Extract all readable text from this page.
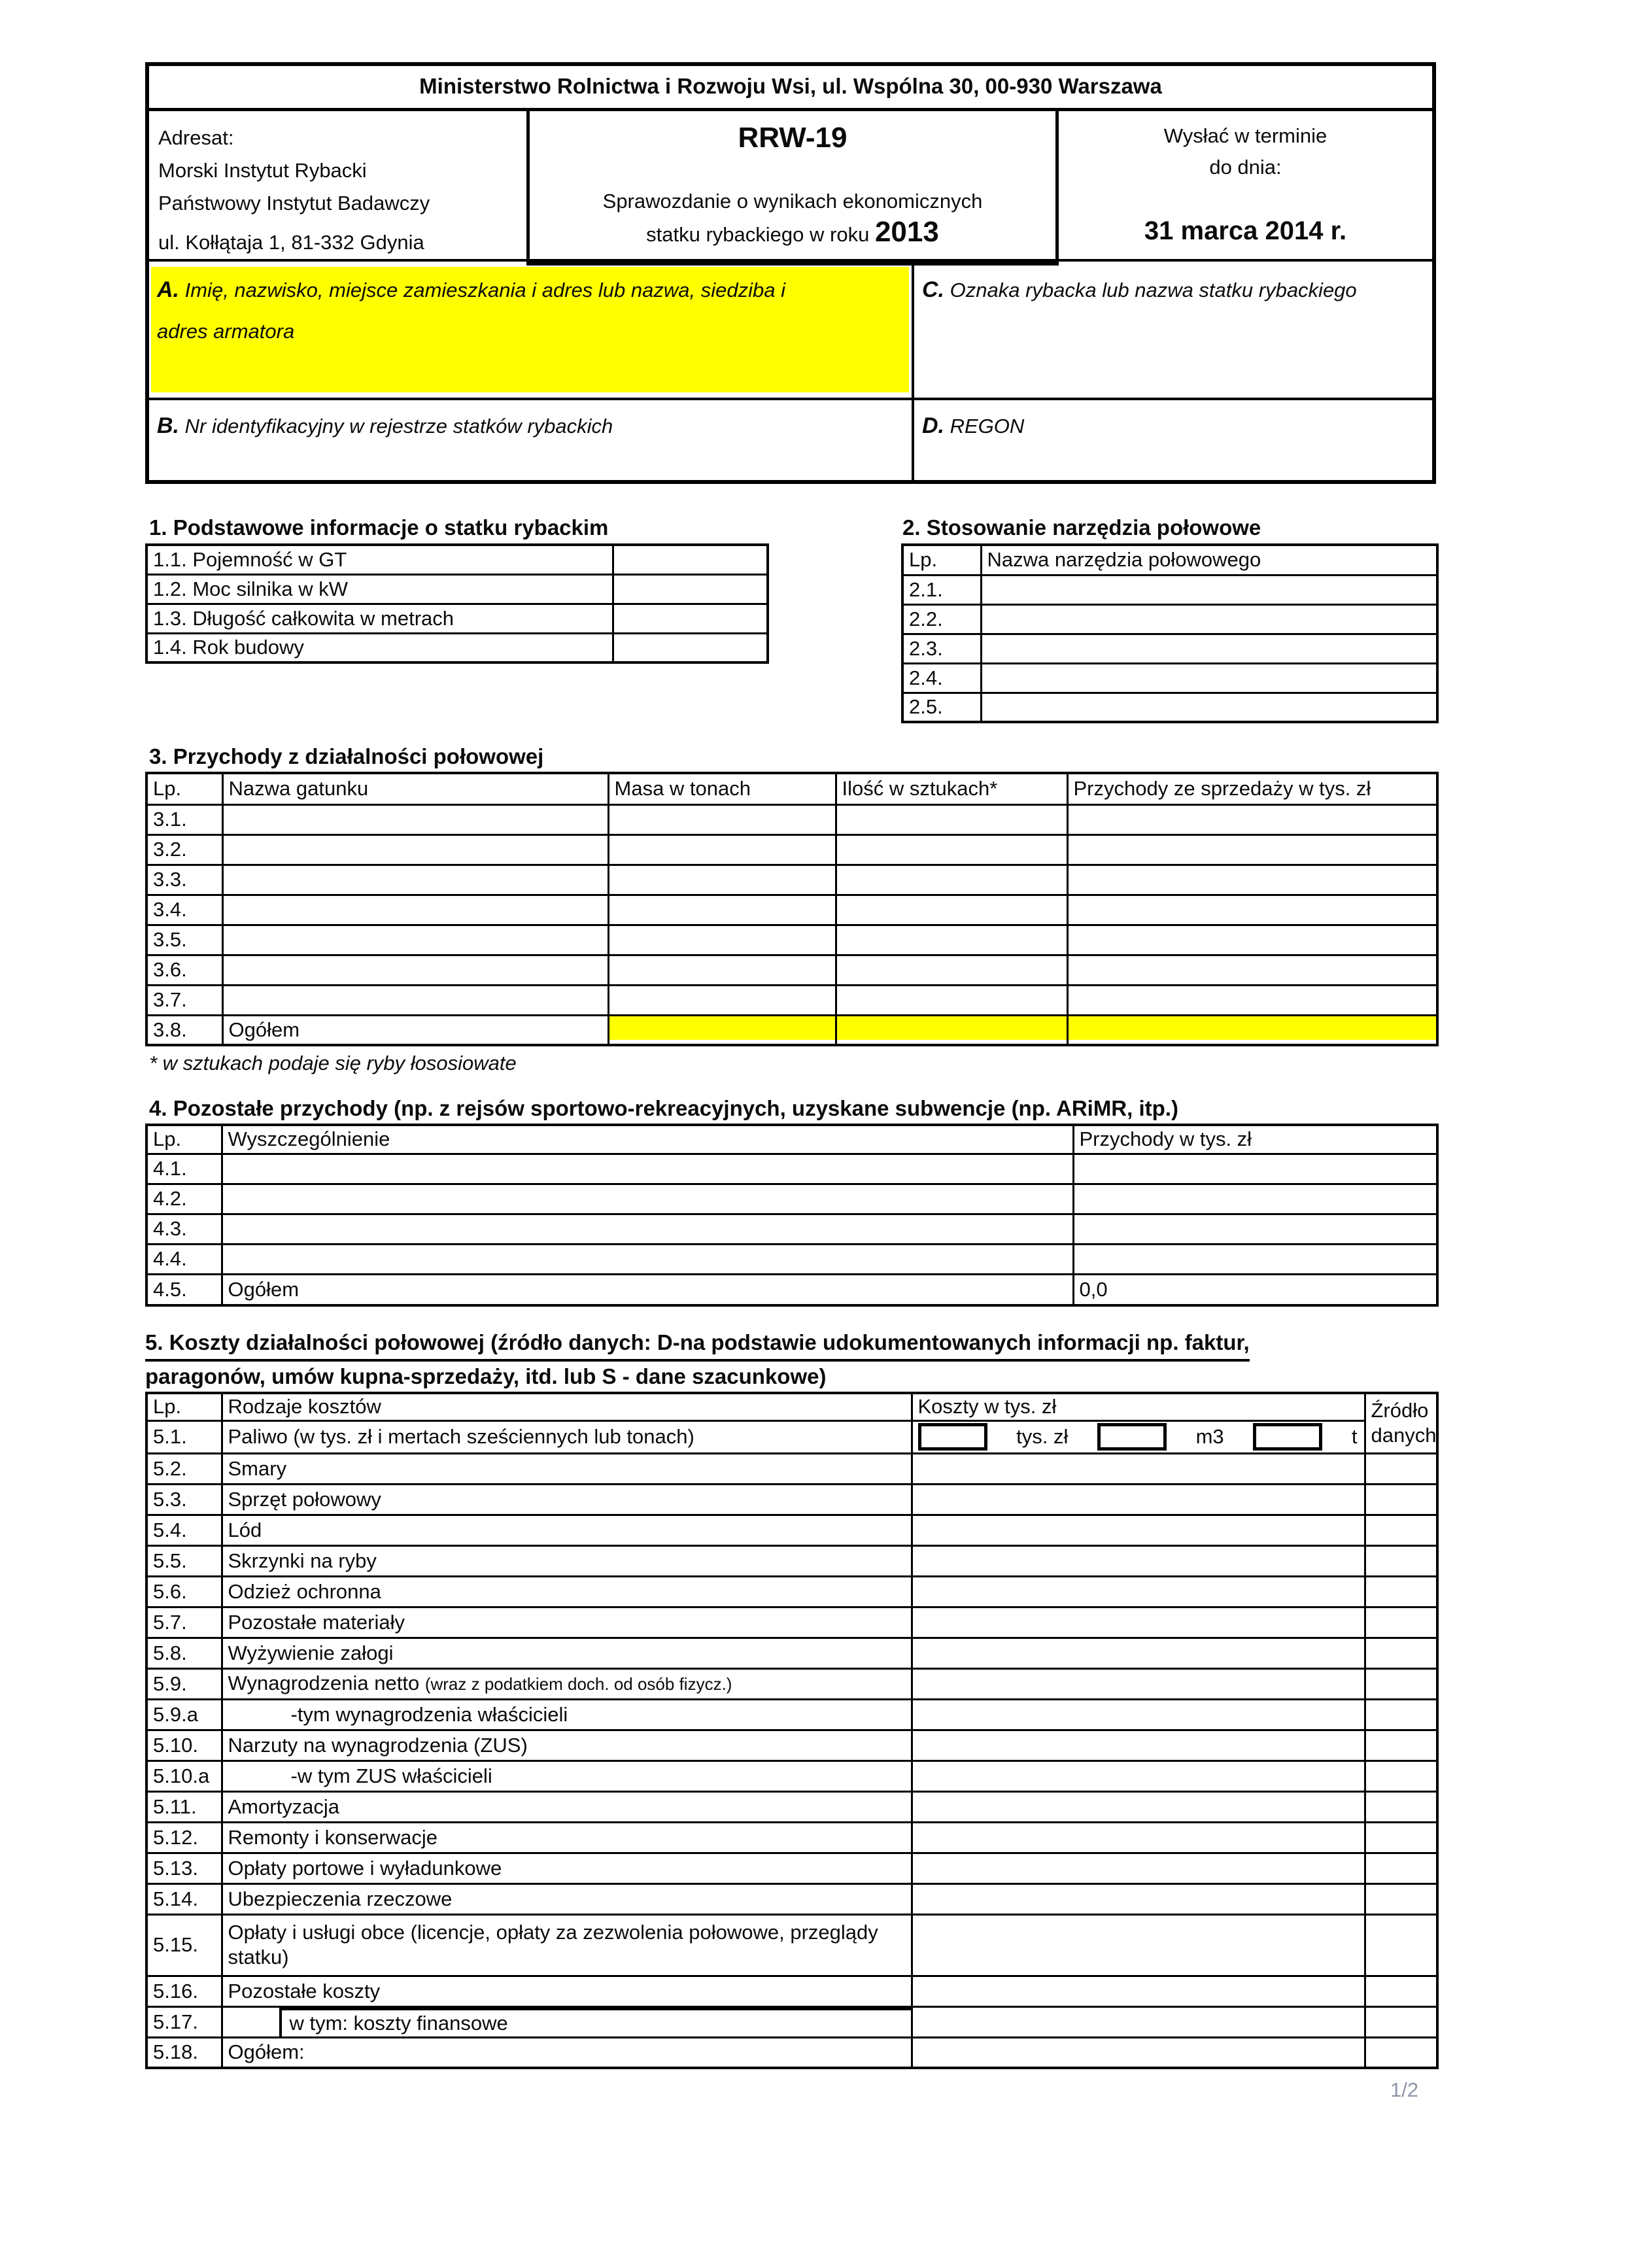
Ministerstwo Rolnictwa i Rozwoju Wsi, ul. Wspólna 30, 00-930 Warszawa
Adresat:
Morski Instytut Rybacki
Państwowy Instytut Badawczy
ul. Kołłątaja 1, 81-332 Gdynia
RRW-19
Sprawozdanie o wynikach ekonomicznych
statku rybackiego w roku 2013
Wysłać w terminie
do dnia:
31 marca 2014 r.
A. Imię, nazwisko, miejsce zamieszkania i adres lub nazwa, siedziba i adres armatora
C. Oznaka rybacka lub nazwa statku rybackiego
B. Nr identyfikacyjny w rejestrze statków rybackich	D. REGON
1. Podstawowe informacje o statku rybackim
1.1. Pojemność w GT	
1.2. Moc silnika w kW	
1.3. Długość całkowita w metrach	
1.4. Rok budowy	
2. Stosowanie narzędzia połowowe
Lp.	Nazwa narzędzia połowowego
2.1.	
2.2.	
2.3.	
2.4.	
2.5.	
3. Przychody z działalności połowowej
Lp.	Nazwa gatunku	Masa w tonach	Ilość w sztukach*	Przychody ze sprzedaży w tys. zł
3.1.				
3.2.				
3.3.				
3.4.				
3.5.				
3.6.				
3.7.				
3.8.	Ogółem			
* w sztukach podaje się ryby łososiowate
4. Pozostałe przychody (np. z rejsów sportowo-rekreacyjnych, uzyskane subwencje (np. ARiMR, itp.)
Lp.	Wyszczególnienie	Przychody w tys. zł
4.1.		
4.2.		
4.3.		
4.4.		
4.5.	Ogółem	0,0
5. Koszty działalności połowowej (źródło danych: D-na podstawie udokumentowanych informacji np. faktur,
paragonów, umów kupna-sprzedaży, itd. lub S - dane szacunkowe)
Lp.	Rodzaje kosztów	Koszty w tys. zł	Źródło
danych

5.1.	Paliwo (w tys. zł i mertach sześciennych lub tonach)	tys. zł m3 t	

5.2.	Smary		
5.3.	Sprzęt połowowy		
5.4.	Lód		
5.5.	Skrzynki na ryby		
5.6.	Odzież ochronna		
5.7.	Pozostałe materiały		
5.8.	Wyżywienie załogi		
5.9.	Wynagrodzenia netto (wraz z podatkiem doch. od osób fizycz.)		
5.9.a	-tym wynagrodzenia właścicieli		
5.10.	Narzuty na wynagrodzenia (ZUS)		
5.10.a	-w tym ZUS właścicieli		
5.11.	Amortyzacja		
5.12.	Remonty i konserwacje		
5.13.	Opłaty portowe i wyładunkowe		
5.14.	Ubezpieczenia rzeczowe		
5.15.	Opłaty i usługi obce (licencje, opłaty za zezwolenia połowowe, przeglądy statku)		
5.16.	Pozostałe koszty		
5.17.	w tym: koszty finansowe		

5.18.	Ogółem:		
1/2
